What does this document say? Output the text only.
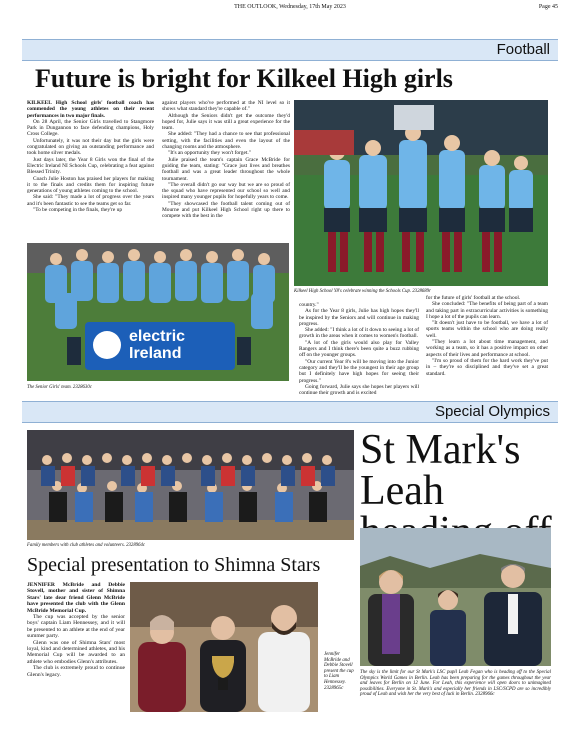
THE OUTLOOK, Wednesday, 17th May 2023	Page 45
Football
Future is bright for Kilkeel High girls

KILKEEL High School girls' football coach has commended the young athletes on their recent performances in two major finals.

On 28 April, the Senior Girls travelled to Stangmore Park in Dungannon to face defending champions, Holy Cross College.

Unfortunately, it was not their day but the girls were congratulated on giving an outstanding performance and took home silver medals.

Just days later, the Year 8 Girls won the final of the Electric Ireland NI Schools Cup, celebrating a feat against Blessed Trinity.

Coach Julie Hoston has praised her players for making it to the finals and credits them for inspiring future generations of young athletes coming to the school.

She said: "They made a lot of progress over the years and it's been fantastic to see the teams get so far.

"To be competing in the finals, they're up

against players who've performed at the NI level so it shows what standard they're capable of."

Although the Seniors didn't get the outcome they'd hoped for, Julie says it was still a great experience for the team.

She added: "They had a chance to see that professional setting, with the facilities and even the layout of the changing rooms and the atmosphere.

"It's an opportunity they won't forget."

Julie praised the team's captain Grace McBride for guiding the team, stating: "Grace just lives and breathes football and was a great leader throughout the whole tournament.

"The overall didn't go our way but we are so proud of the squad who have represented our school so well and inspired many younger pupils for hopefully years to come.

"They showcased the football talent coming out of Mourne and put Kilkeel High School right up there to compete with the best in the

Kilkeel High School Y8's celebrate winning the Schools Cup. 2328689r
electric Ireland
The Senior Girls' team. 2328630c

country."

As for the Year 8 girls, Julie has high hopes they'll be inspired by the Seniors and will continue in making progress.

She added: "I think a lot of it down to seeing a lot of growth in the areas when it comes to women's football.

"A lot of the girls would also play for Valley Rangers and I think there's been quite a buzz rubbing off on the younger groups.

"Our current Year 8's will be moving into the Junior category and they'll be the youngest in their age group but I definitely have high hopes for seeing their progress."

Going forward, Julie says she hopes her players will continue their growth and is excited

for the future of girls' football at the school.

She concluded: "The benefits of being part of a team and taking part in extracurricular activities is something I hope a lot of the pupils can learn.

"It doesn't just have to be football, we have a lot of sports teams within the school who are doing really well.

"They learn a lot about time management, and working as a team, so it has a positive impact on other aspects of their lives and performance at school.

"I'm so proud of them for the hard work they've put in – they're so disciplined and they've set a great standard.

Special Olympics
Family members with club athletes and volunteers. 2328964c
St Mark's Leah
Special presentation to Shimna Stars

JENNIFER McBride and Debbie Stovell, mother and sister of Shimna Stars' late dear friend Glenn McBride have presented the club with the Glenn McBride Memorial Cup.

The cup was accepted by the senior boys' captain Liam Hennessey, and it will be presented to an athlete at the end of year summer party.

Glenn was one of Shimna Stars' most loyal, kind and determined athletes, and his Memorial Cup will be awarded to an athlete who embodies Glenn's attributes.

The club is extremely proud to continue Glenn's legacy.

Jennifer McBride and Debbie Stovell present the cup to Liam Hennessey. 2328965c
The sky is the limit for our St Mark's LSC pupil Leah Fegan who is heading off to the Special Olympics World Games in Berlin. Leah has been preparing for the games throughout the year and leaves for Berlin on 12 June. For Leah, this experience will open doors to unimagined possibilities. Everyone in St. Mark's and especially her friends in LSC/SCPD are so incredibly proud of Leah and wish her the very best of luck in Berlin. 2328966c
